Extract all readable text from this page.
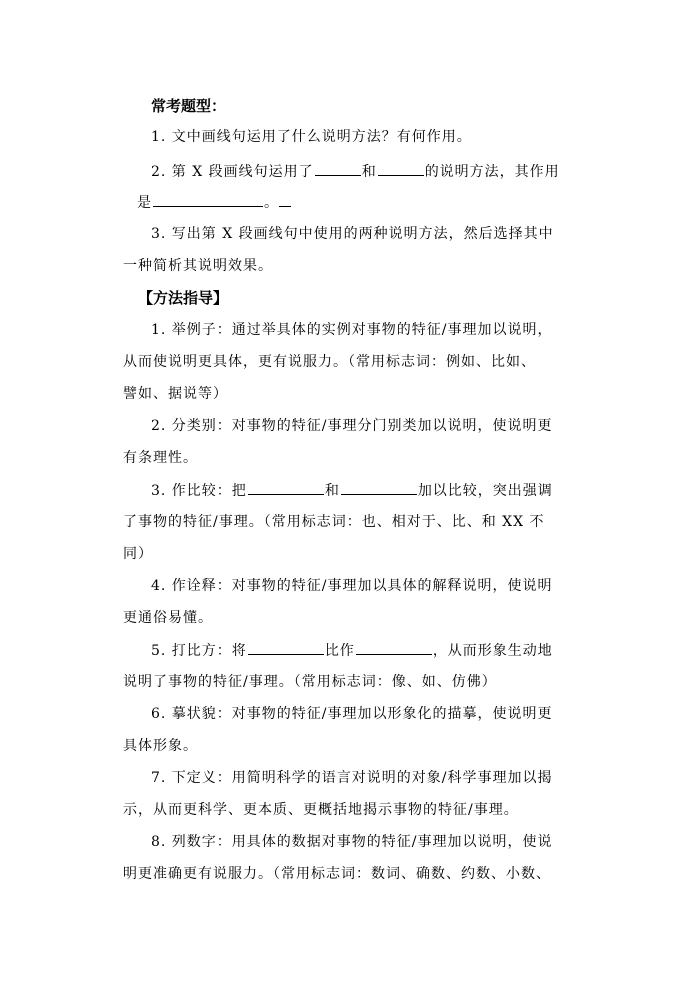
常考题型：
1. 文中画线句运用了什么说明方法？有何作用。
2. 第 X 段画线句运用了	和	的说明方法，其作用
是	。
3. 写出第 X 段画线句中使用的两种说明方法，然后选择其中
一种简析其说明效果。
【方法指导】
1. 举例子：通过举具体的实例对事物的特征/事理加以说明，
从而使说明更具体，更有说服力。（常用标志词：例如、比如、
譬如、据说等）
2. 分类别：对事物的特征/事理分门别类加以说明，使说明更
有条理性。
3. 作比较：把	和	加以比较，突出强调
了事物的特征/事理。（常用标志词：也、相对于、比、和 XX 不
同）
4. 作诠释：对事物的特征/事理加以具体的解释说明，使说明
更通俗易懂。
5. 打比方：将	比作	，从而形象生动地
说明了事物的特征/事理。（常用标志词：像、如、仿佛）
6. 摹状貌：对事物的特征/事理加以形象化的描摹，使说明更
具体形象。
7. 下定义：用简明科学的语言对说明的对象/科学事理加以揭
示，从而更科学、更本质、更概括地揭示事物的特征/事理。
8. 列数字：用具体的数据对事物的特征/事理加以说明，使说
明更准确更有说服力。（常用标志词：数词、确数、约数、小数、
